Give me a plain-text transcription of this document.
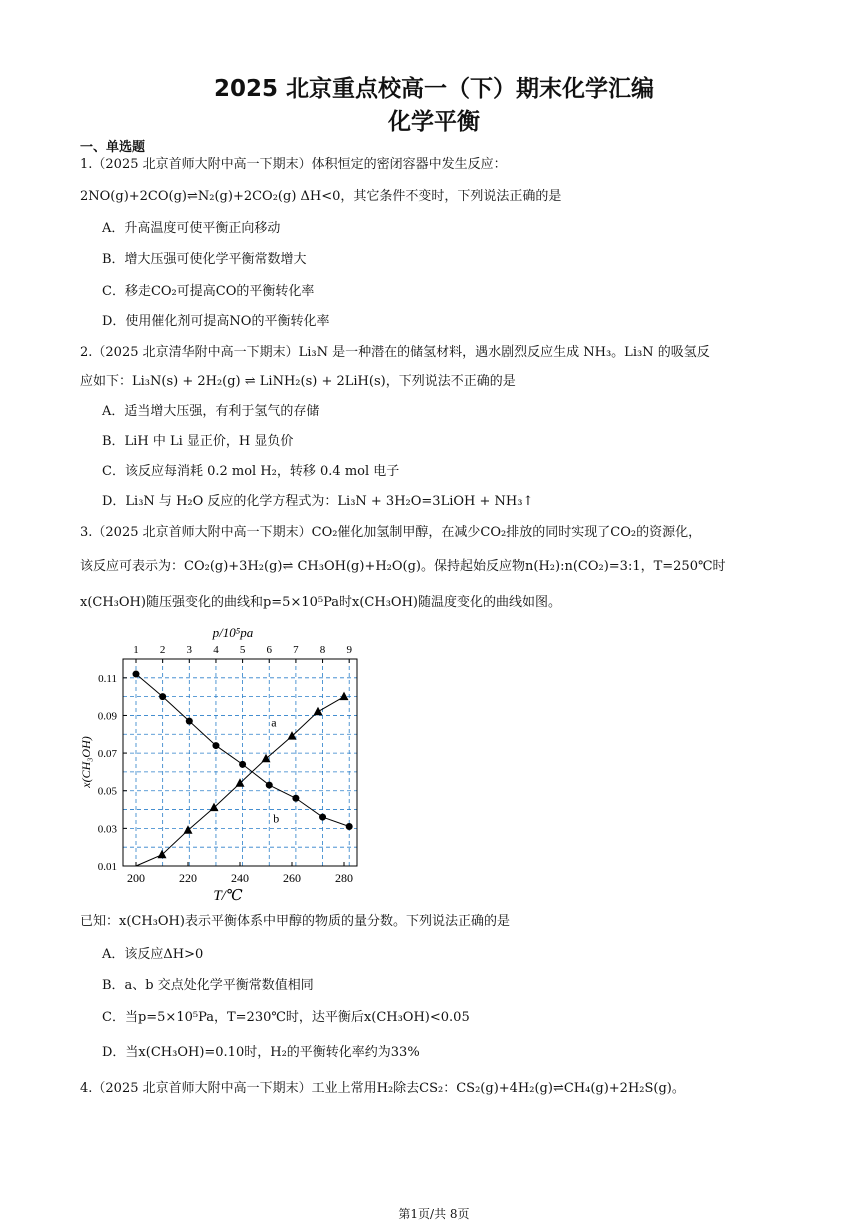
2025 北京重点校高一（下）期末化学汇编
化学平衡
一、单选题
1.（2025 北京首师大附中高一下期末）体积恒定的密闭容器中发生反应：
2NO(g)+2CO(g)⇌N₂(g)+2CO₂(g) ΔH<0，其它条件不变时，下列说法正确的是
A．升高温度可使平衡正向移动
B．增大压强可使化学平衡常数增大
C．移走CO₂可提高CO的平衡转化率
D．使用催化剂可提高NO的平衡转化率
2.（2025 北京清华附中高一下期末）Li₃N 是一种潜在的储氢材料，遇水剧烈反应生成 NH₃。Li₃N 的吸氢反
应如下：Li₃N(s) + 2H₂(g) ⇌ LiNH₂(s) + 2LiH(s)，下列说法不正确的是
A．适当增大压强，有利于氢气的存储
B．LiH 中 Li 显正价，H 显负价
C．该反应每消耗 0.2 mol H₂，转移 0.4 mol 电子
D．Li₃N 与 H₂O 反应的化学方程式为：Li₃N + 3H₂O=3LiOH + NH₃↑
3.（2025 北京首师大附中高一下期末）CO₂催化加氢制甲醇，在减少CO₂排放的同时实现了CO₂的资源化，
该反应可表示为：CO₂(g)+3H₂(g)⇌ CH₃OH(g)+H₂O(g)。保持起始反应物n(H₂):n(CO₂)=3:1，T=250℃时
x(CH₃OH)随压强变化的曲线和p=5×10⁵Pa时x(CH₃OH)随温度变化的曲线如图。
1 2 3 4 5 6 7 8 9
0.11
0.09
0.07
0.05
0.03
0.01
200	220	240	260	280
a
b
p/10⁵pa
T/℃
x(CH₃OH)
已知：x(CH₃OH)表示平衡体系中甲醇的物质的量分数。下列说法正确的是
A．该反应ΔH>0
B．a、b 交点处化学平衡常数值相同
C．当p=5×10⁵Pa，T=230℃时，达平衡后x(CH₃OH)<0.05
D．当x(CH₃OH)=0.10时，H₂的平衡转化率约为33%
4.（2025 北京首师大附中高一下期末）工业上常用H₂除去CS₂：CS₂(g)+4H₂(g)⇌CH₄(g)+2H₂S(g)。
第1页/共 8页
